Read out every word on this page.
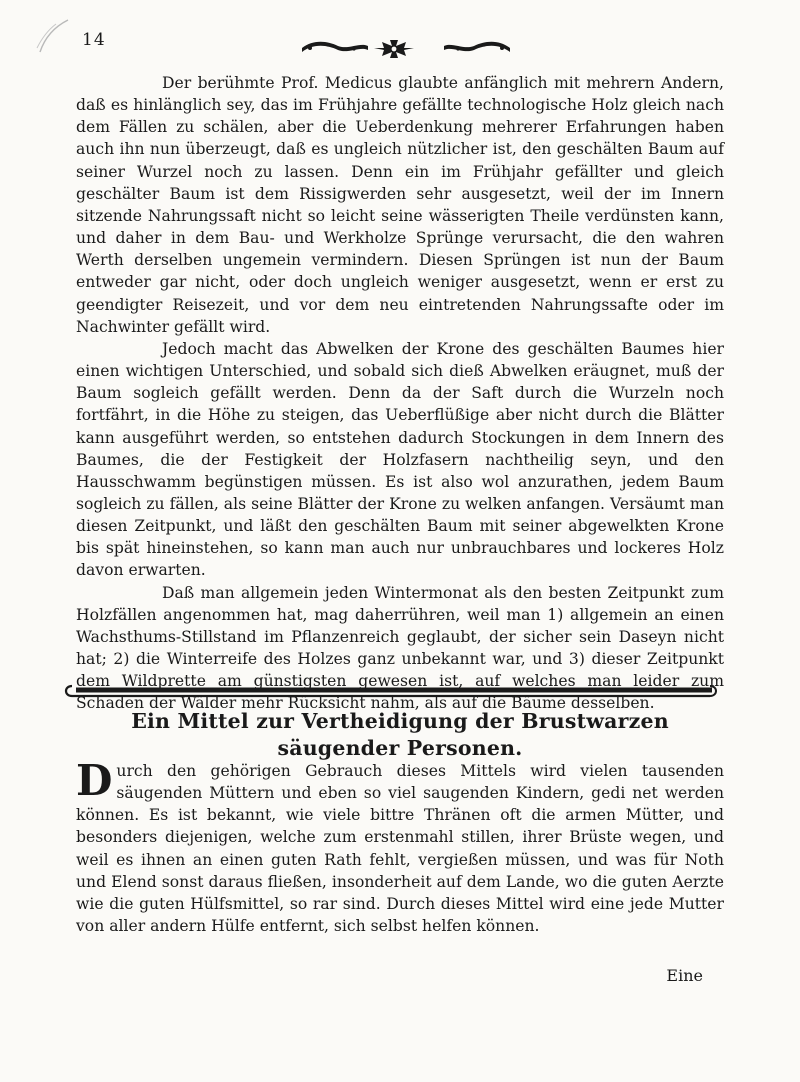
14

Der berühmte Prof. Medicus glaubte anfänglich mit mehrern Andern, daß es hinlänglich sey, das im Frühjahre gefällte technologische Holz gleich nach dem Fällen zu schälen, aber die Ueberdenkung mehrerer Erfahrungen haben auch ihn nun überzeugt, daß es ungleich nützlicher ist, den geschälten Baum auf seiner Wurzel noch zu lassen. Denn ein im Frühjahr gefällter und gleich geschälter Baum ist dem Rissigwerden sehr ausgesetzt, weil der im Innern sitzende Nahrungssaft nicht so leicht seine wässerigten Theile verdünsten kann, und daher in dem Bau- und Werkholze Sprünge verursacht, die den wahren Werth derselben ungemein vermindern. Diesen Sprüngen ist nun der Baum entweder gar nicht, oder doch ungleich weniger ausgesetzt, wenn er erst zu geendigter Reisezeit, und vor dem neu eintretenden Nahrungssafte oder im Nachwinter gefällt wird.

Jedoch macht das Abwelken der Krone des geschälten Baumes hier einen wichtigen Unterschied, und sobald sich dieß Abwelken eräugnet, muß der Baum sogleich gefällt werden. Denn da der Saft durch die Wurzeln noch fortfährt, in die Höhe zu steigen, das Ueberflüßige aber nicht durch die Blätter kann ausgeführt werden, so entstehen dadurch Stockungen in dem Innern des Baumes, die der Festigkeit der Holzfasern nachtheilig seyn, und den Hausschwamm begünstigen müssen. Es ist also wol anzurathen, jedem Baum sogleich zu fällen, als seine Blätter der Krone zu welken anfangen. Versäumt man diesen Zeitpunkt, und läßt den geschälten Baum mit seiner abgewelkten Krone bis spät hineinstehen, so kann man auch nur unbrauchbares und lockeres Holz davon erwarten.

Daß man allgemein jeden Wintermonat als den besten Zeitpunkt zum Holzfällen angenommen hat, mag daherrühren, weil man 1) allgemein an einen Wachsthums-Stillstand im Pflanzenreich geglaubt, der sicher sein Daseyn nicht hat; 2) die Winterreife des Holzes ganz unbekannt war, und 3) dieser Zeitpunkt dem Wildprette am günstigsten gewesen ist, auf welches man leider zum Schaden der Wälder mehr Rücksicht nahm, als auf die Bäume desselben.

Ein Mittel zur Vertheidigung der Brustwarzen säugender Personen.

Durch den gehörigen Gebrauch dieses Mittels wird vielen tausenden säugenden Müttern und eben so viel saugenden Kindern, gedi net werden können. Es ist bekannt, wie viele bittre Thränen oft die armen Mütter, und besonders diejenigen, welche zum erstenmahl stillen, ihrer Brüste wegen, und weil es ihnen an einen guten Rath fehlt, vergießen müssen, und was für Noth und Elend sonst daraus fließen, insonderheit auf dem Lande, wo die guten Aerzte wie die guten Hülfsmittel, so rar sind. Durch dieses Mittel wird eine jede Mutter von aller andern Hülfe entfernt, sich selbst helfen können.

Eine
